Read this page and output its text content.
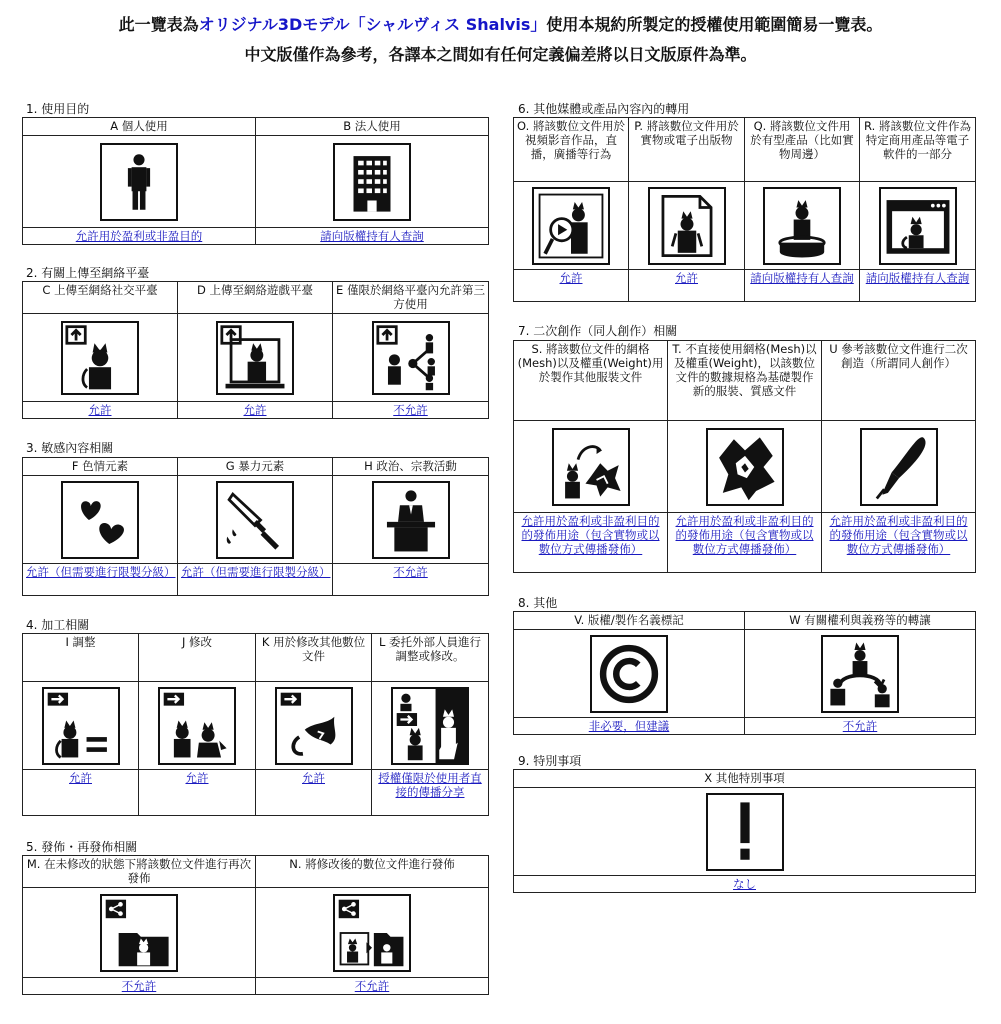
此一覽表為オリジナル3Dモデル「シャルヴィス Shalvis」使用本規約所製定的授權使用範圍簡易一覽表。
中文版僅作為參考，各譯本之間如有任何定義偏差將以日文版原件為準。
1. 使用目的
A 個人使用	B 法人使用

允許用於盈利或非盈目的	請向版權持有人查詢
2. 有關上傳至網絡平臺
C 上傳至網絡社交平臺	D 上傳至網絡遊戲平臺	E 僅限於網絡平臺內允許第三方使用

允許	允許	不允許
3. 敏感內容相關
F 色情元素	G 暴力元素	H 政治、宗教活動

允許（但需要進行限製分級）	允許（但需要進行限製分級）	不允許
4. 加工相關
I 調整	J 修改	K 用於修改其他數位文件	L 委托外部人員進行調整或修改。

允許	允許	允許	授權僅限於使用者直接的傳播分享
5. 發佈・再發佈相關
M. 在未修改的狀態下將該數位文件進行再次發佈	N. 將修改後的數位文件進行發佈

不允許	不允許
6. 其他媒體或產品內容內的轉用
O. 將該數位文件用於視頻影音作品，直播，廣播等行為	P. 將該數位文件用於實物或電子出版物	Q. 將該數位文件用於有型產品（比如實物周邊）	R. 將該數位文件作為特定商用產品等電子軟件的一部分

允許	允許	請向版權持有人查詢	請向版權持有人查詢
7. 二次創作（同人創作）相關
S. 將該數位文件的網格(Mesh)以及權重(Weight)用於製作其他服裝文件	T. 不直接使用網格(Mesh)以及權重(Weight)，以該數位文件的數據規格為基礎製作新的服裝、質感文件	U 參考該數位文件進行二次創造（所謂同人創作）

允許用於盈利或非盈利目的的發佈用途（包含實物或以數位方式傳播發佈）	允許用於盈利或非盈利目的的發佈用途（包含實物或以數位方式傳播發佈）	允許用於盈利或非盈利目的的發佈用途（包含實物或以數位方式傳播發佈）
8. 其他
V. 版權/製作名義標記	W 有關權利與義務等的轉讓

非必要，但建議	不允許
9. 特別事項
X 其他特別事項

なし
